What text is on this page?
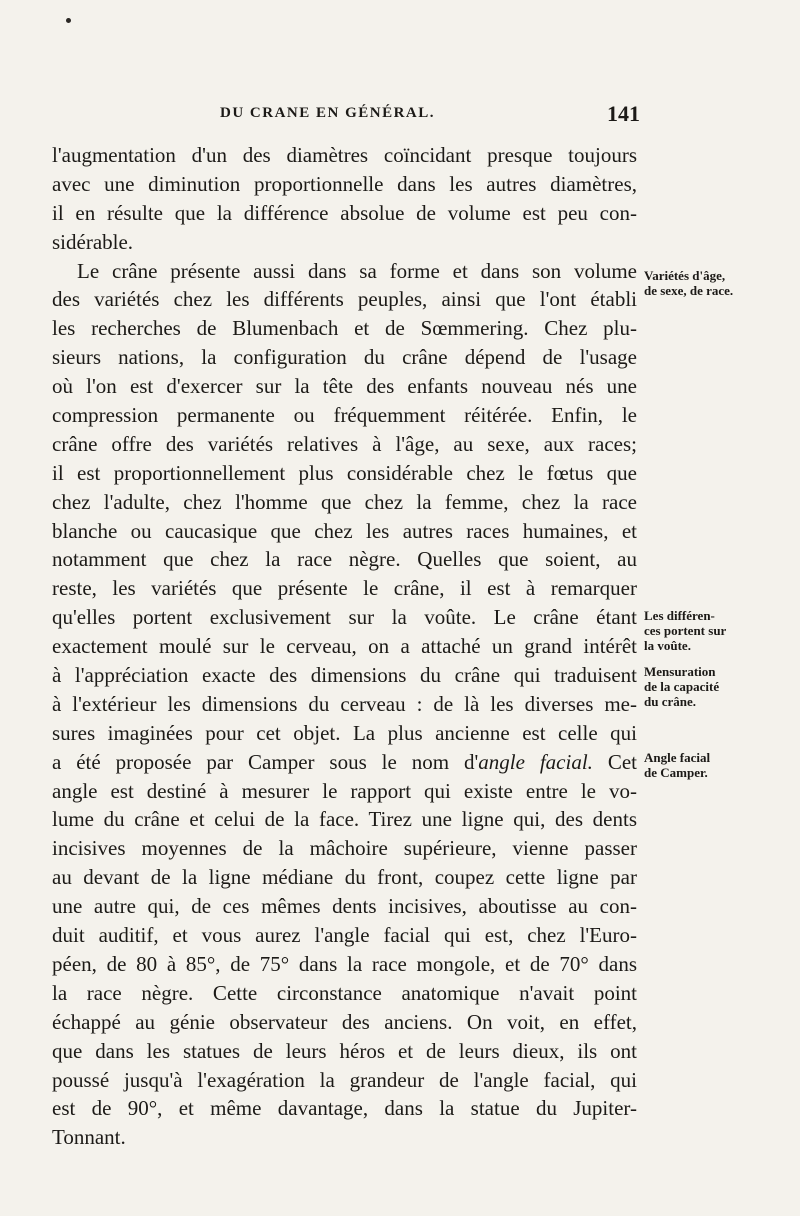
DU CRANE EN GÉNÉRAL.	141
l'augmentation d'un des diamètres coïncidant presque toujours
avec une diminution proportionnelle dans les autres diamètres,
il en résulte que la différence absolue de volume est peu con-
sidérable.
Le crâne présente aussi dans sa forme et dans son volume
des variétés chez les différents peuples, ainsi que l'ont établi
les recherches de Blumenbach et de Sœmmering. Chez plu-
sieurs nations, la configuration du crâne dépend de l'usage
où l'on est d'exercer sur la tête des enfants nouveau nés une
compression permanente ou fréquemment réitérée. Enfin, le
crâne offre des variétés relatives à l'âge, au sexe, aux races;
il est proportionnellement plus considérable chez le fœtus que
chez l'adulte, chez l'homme que chez la femme, chez la race
blanche ou caucasique que chez les autres races humaines, et
notamment que chez la race nègre. Quelles que soient, au
reste, les variétés que présente le crâne, il est à remarquer
qu'elles portent exclusivement sur la voûte. Le crâne étant
exactement moulé sur le cerveau, on a attaché un grand intérêt
à l'appréciation exacte des dimensions du crâne qui traduisent
à l'extérieur les dimensions du cerveau : de là les diverses me-
sures imaginées pour cet objet. La plus ancienne est celle qui
a été proposée par Camper sous le nom d'angle facial. Cet
angle est destiné à mesurer le rapport qui existe entre le vo-
lume du crâne et celui de la face. Tirez une ligne qui, des dents
incisives moyennes de la mâchoire supérieure, vienne passer
au devant de la ligne médiane du front, coupez cette ligne par
une autre qui, de ces mêmes dents incisives, aboutisse au con-
duit auditif, et vous aurez l'angle facial qui est, chez l'Euro-
péen, de 80 à 85°, de 75° dans la race mongole, et de 70° dans
la race nègre. Cette circonstance anatomique n'avait point
échappé au génie observateur des anciens. On voit, en effet,
que dans les statues de leurs héros et de leurs dieux, ils ont
poussé jusqu'à l'exagération la grandeur de l'angle facial, qui
est de 90°, et même davantage, dans la statue du Jupiter-
Tonnant.
Variétés d'âge,
de sexe, de race.
Les différen-
ces portent sur
la voûte.
Mensuration
de la capacité
du crâne.
Angle facial
de Camper.
